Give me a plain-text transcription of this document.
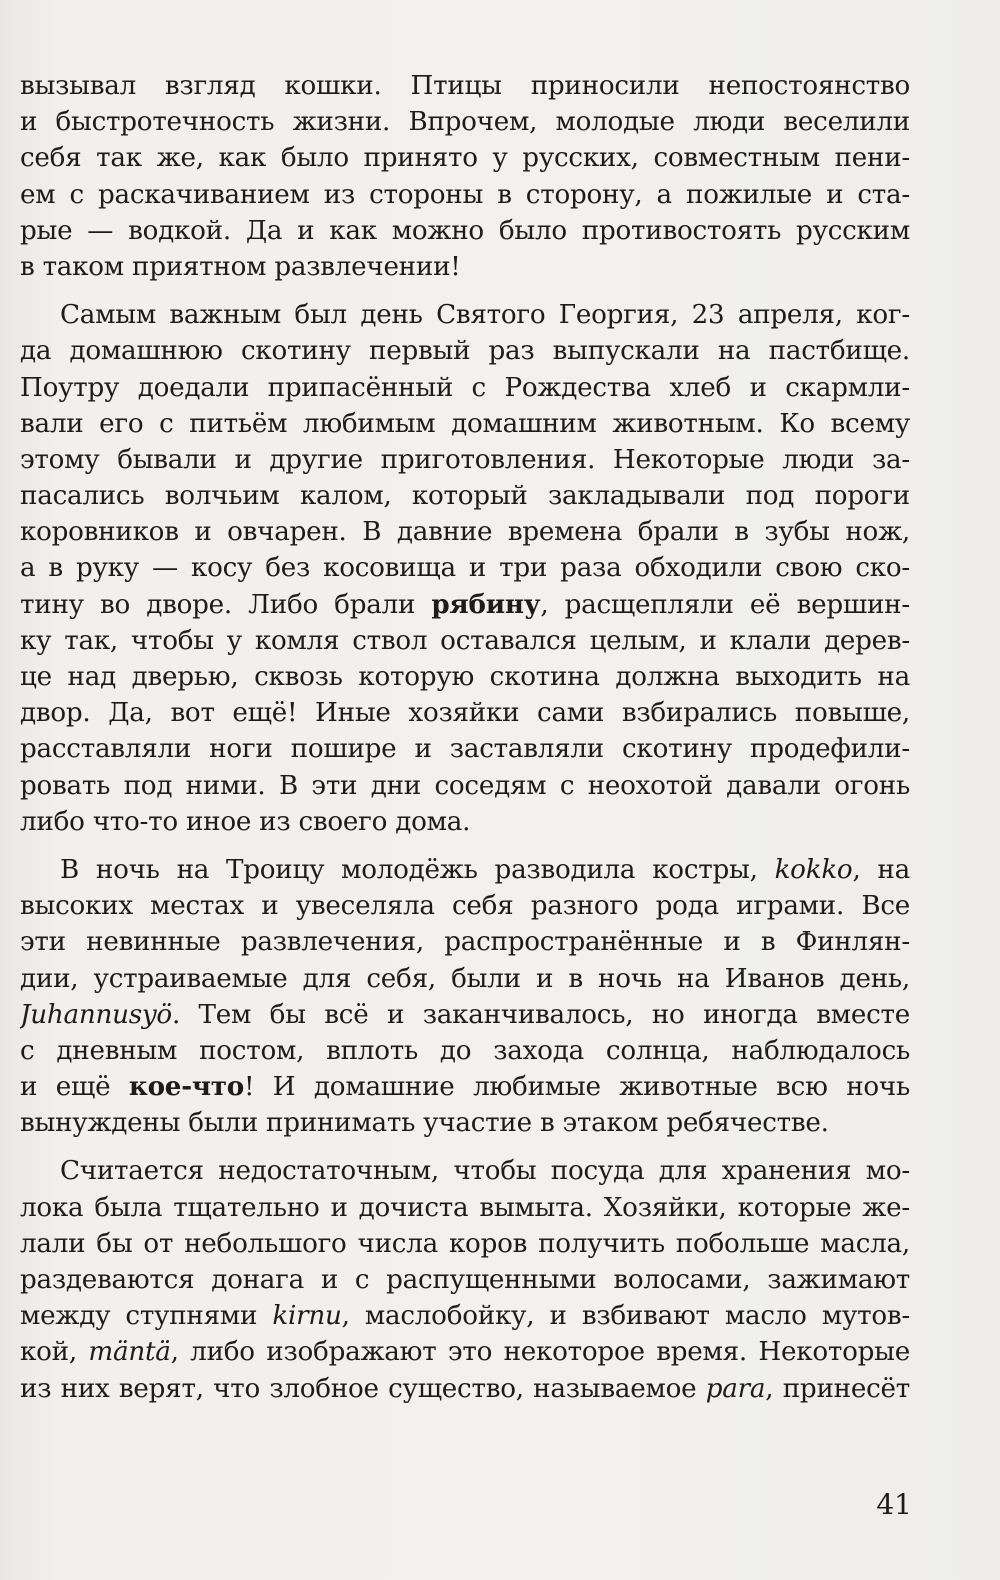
вызывал взгляд кошки. Птицы приносили непостоянство
и быстротечность жизни. Впрочем, молодые люди веселили
себя так же, как было принято у русских, совместным пени-
ем с раскачиванием из стороны в сторону, а пожилые и ста-
рые — водкой. Да и как можно было противостоять русским
в таком приятном развлечении!
Самым важным был день Святого Георгия, 23 апреля, ког-
да домашнюю скотину первый раз выпускали на пастбище.
Поутру доедали припасённый с Рождества хлеб и скармли-
вали его с питьём любимым домашним животным. Ко всему
этому бывали и другие приготовления. Некоторые люди за-
пасались волчьим калом, который закладывали под пороги
коровников и овчарен. В давние времена брали в зубы нож,
а в руку — косу без косовища и три раза обходили свою ско-
тину во дворе. Либо брали рябину, расщепляли её вершин-
ку так, чтобы у комля ствол оставался целым, и клали дерев-
це над дверью, сквозь которую скотина должна выходить на
двор. Да, вот ещё! Иные хозяйки сами взбирались повыше,
расставляли ноги пошире и заставляли скотину продефили-
ровать под ними. В эти дни соседям с неохотой давали огонь
либо что-то иное из своего дома.
В ночь на Троицу молодёжь разводила костры, kokko, на
высоких местах и увеселяла себя разного рода играми. Все
эти невинные развлечения, распространённые и в Финлян-
дии, устраиваемые для себя, были и в ночь на Иванов день,
Juhannusyö. Тем бы всё и заканчивалось, но иногда вместе
с дневным постом, вплоть до захода солнца, наблюдалось
и ещё кое-что! И домашние любимые животные всю ночь
вынуждены были принимать участие в этаком ребячестве.
Считается недостаточным, чтобы посуда для хранения мо-
лока была тщательно и дочиста вымыта. Хозяйки, которые же-
лали бы от небольшого числа коров получить побольше масла,
раздеваются донага и с распущенными волосами, зажимают
между ступнями kirnu, маслобойку, и взбивают масло мутов-
кой, mäntä, либо изображают это некоторое время. Некоторые
из них верят, что злобное существо, называемое para, принесёт
41
